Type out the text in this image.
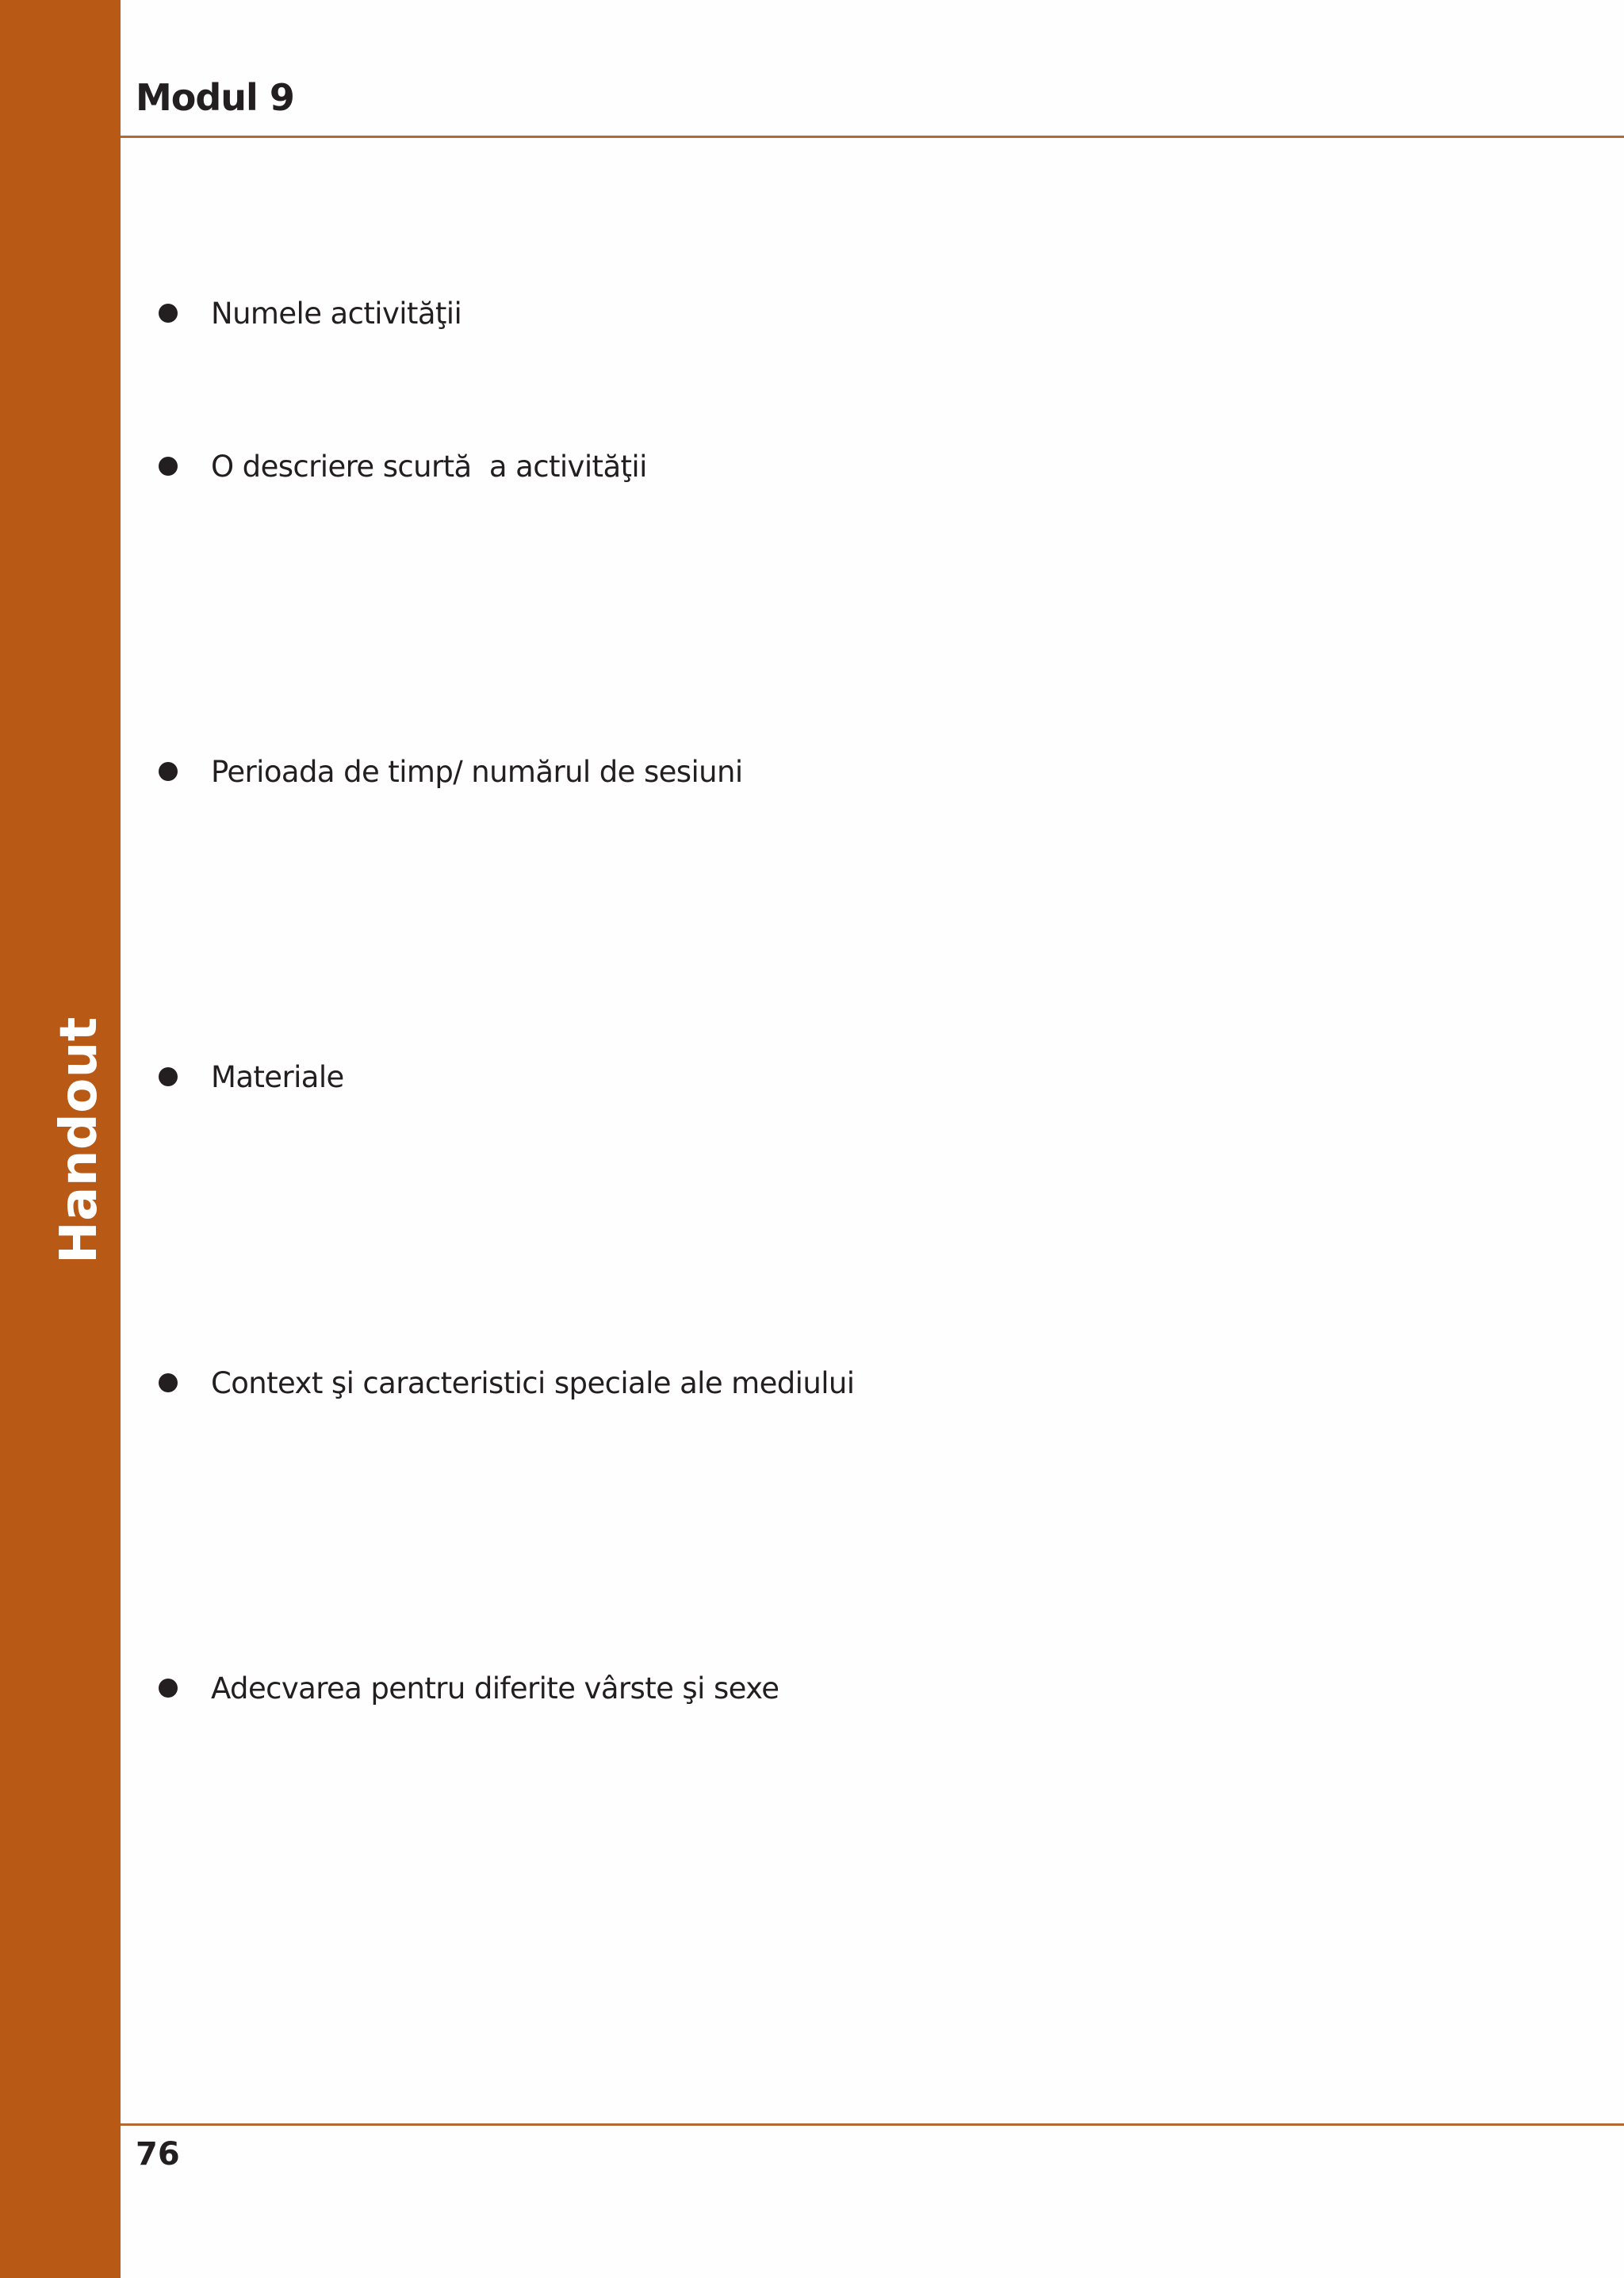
Handout
Modul 9
Numele activităţii
O descriere scurtă  a activităţii
Perioada de timp/ numărul de sesiuni
Materiale
Context şi caracteristici speciale ale mediului
Adecvarea pentru diferite vârste şi sexe
76
